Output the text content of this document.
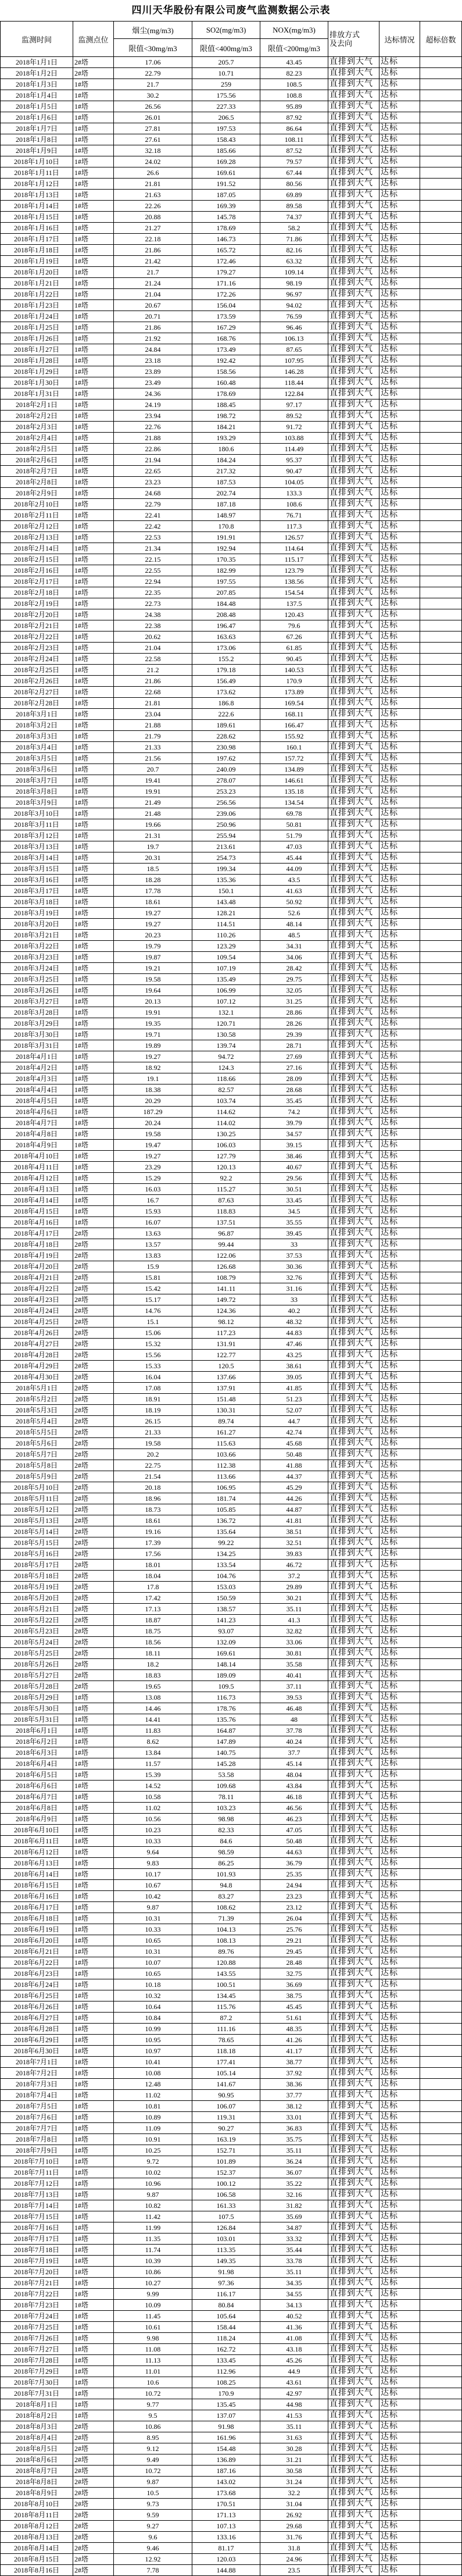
四川天华股份有限公司废气监测数据公示表
监测时间	监测点位	烟尘(mg/m3)	SO2(mg/m3)	NOX(mg/m3)	排放方式及去向	达标情况	超标倍数
		限值<30mg/m3	限值<400mg/m3	限值<200mg/m3			
2018年1月1日	2#塔	17.06	205.7	43.45	直排到大气	达标	
2018年1月2日	2#塔	22.79	10.71	82.23	直排到大气	达标	
2018年1月3日	1#塔	21.7	259	108.5	直排到大气	达标	
2018年1月4日	1#塔	30.2	175.56	108.8	直排到大气	达标	
2018年1月5日	1#塔	26.56	227.33	95.89	直排到大气	达标	
2018年1月6日	1#塔	26.01	206.5	87.92	直排到大气	达标	
2018年1月7日	1#塔	27.81	197.53	86.64	直排到大气	达标	
2018年1月8日	1#塔	27.61	158.43	108.11	直排到大气	达标	
2018年1月9日	1#塔	32.18	185.66	87.52	直排到大气	达标	
2018年1月10日	1#塔	24.02	169.28	79.57	直排到大气	达标	
2018年1月11日	1#塔	26.6	169.61	67.44	直排到大气	达标	
2018年1月12日	1#塔	21.81	191.52	80.56	直排到大气	达标	
2018年1月13日	1#塔	21.63	187.05	69.89	直排到大气	达标	
2018年1月14日	1#塔	22.26	169.39	89.58	直排到大气	达标	
2018年1月15日	1#塔	20.88	145.78	74.37	直排到大气	达标	
2018年1月16日	1#塔	21.27	178.69	58.2	直排到大气	达标	
2018年1月17日	1#塔	22.18	146.73	71.86	直排到大气	达标	
2018年1月18日	1#塔	21.86	165.72	82.16	直排到大气	达标	
2018年1月19日	1#塔	21.42	172.46	63.32	直排到大气	达标	
2018年1月20日	1#塔	21.7	179.27	109.14	直排到大气	达标	
2018年1月21日	1#塔	21.24	171.16	98.19	直排到大气	达标	
2018年1月22日	1#塔	21.04	172.26	96.97	直排到大气	达标	
2018年1月23日	1#塔	20.67	156.04	94.02	直排到大气	达标	
2018年1月24日	1#塔	20.71	173.59	76.59	直排到大气	达标	
2018年1月25日	1#塔	21.86	167.29	96.46	直排到大气	达标	
2018年1月26日	1#塔	21.92	168.76	106.13	直排到大气	达标	
2018年1月27日	1#塔	24.84	173.49	87.65	直排到大气	达标	
2018年1月28日	1#塔	23.18	192.42	107.95	直排到大气	达标	
2018年1月29日	1#塔	23.89	158.56	146.28	直排到大气	达标	
2018年1月30日	1#塔	23.49	160.48	118.44	直排到大气	达标	
2018年1月31日	1#塔	24.36	178.69	122.84	直排到大气	达标	
2018年2月1日	1#塔	24.19	188.45	97.17	直排到大气	达标	
2018年2月2日	1#塔	23.94	198.72	89.52	直排到大气	达标	
2018年2月3日	1#塔	22.76	184.21	91.72	直排到大气	达标	
2018年2月4日	1#塔	21.88	193.29	103.88	直排到大气	达标	
2018年2月5日	1#塔	22.86	180.6	114.49	直排到大气	达标	
2018年2月6日	1#塔	21.94	184.24	95.37	直排到大气	达标	
2018年2月7日	1#塔	22.65	217.32	90.47	直排到大气	达标	
2018年2月8日	1#塔	23.23	187.53	104.05	直排到大气	达标	
2018年2月9日	1#塔	24.68	202.74	133.3	直排到大气	达标	
2018年2月10日	1#塔	22.79	187.18	108.6	直排到大气	达标	
2018年2月11日	1#塔	22.41	148.97	76.71	直排到大气	达标	
2018年2月12日	1#塔	22.42	170.8	117.3	直排到大气	达标	
2018年2月13日	1#塔	22.53	191.91	126.57	直排到大气	达标	
2018年2月14日	1#塔	21.34	192.94	114.64	直排到大气	达标	
2018年2月15日	1#塔	22.15	170.35	115.17	直排到大气	达标	
2018年2月16日	1#塔	22.55	182.99	123.79	直排到大气	达标	
2018年2月17日	1#塔	22.94	197.55	138.56	直排到大气	达标	
2018年2月18日	1#塔	22.35	207.85	154.54	直排到大气	达标	
2018年2月19日	1#塔	22.73	184.48	137.5	直排到大气	达标	
2018年2月20日	1#塔	24.38	208.48	120.43	直排到大气	达标	
2018年2月21日	1#塔	22.38	196.47	79.6	直排到大气	达标	
2018年2月22日	1#塔	20.62	163.63	67.26	直排到大气	达标	
2018年2月23日	1#塔	21.04	173.06	61.85	直排到大气	达标	
2018年2月24日	1#塔	22.58	155.2	90.45	直排到大气	达标	
2018年2月25日	1#塔	21.2	179.18	140.53	直排到大气	达标	
2018年2月26日	1#塔	21.86	156.49	170.9	直排到大气	达标	
2018年2月27日	1#塔	22.68	173.62	173.89	直排到大气	达标	
2018年2月28日	1#塔	21.81	186.8	169.54	直排到大气	达标	
2018年3月1日	1#塔	23.04	222.6	168.11	直排到大气	达标	
2018年3月2日	1#塔	21.88	189.61	166.47	直排到大气	达标	
2018年3月3日	1#塔	21.79	228.62	155.92	直排到大气	达标	
2018年3月4日	1#塔	21.33	230.98	160.1	直排到大气	达标	
2018年3月5日	1#塔	21.56	197.62	157.72	直排到大气	达标	
2018年3月6日	1#塔	20.7	240.09	134.89	直排到大气	达标	
2018年3月7日	1#塔	19.41	278.07	146.61	直排到大气	达标	
2018年3月8日	1#塔	19.91	253.23	135.18	直排到大气	达标	
2018年3月9日	1#塔	21.49	256.56	134.54	直排到大气	达标	
2018年3月10日	1#塔	21.48	239.06	69.78	直排到大气	达标	
2018年3月11日	1#塔	19.66	250.96	50.81	直排到大气	达标	
2018年3月12日	1#塔	21.31	255.94	51.79	直排到大气	达标	
2018年3月13日	1#塔	19.7	213.61	47.03	直排到大气	达标	
2018年3月14日	1#塔	20.31	254.73	45.44	直排到大气	达标	
2018年3月15日	1#塔	18.5	199.34	44.09	直排到大气	达标	
2018年3月16日	1#塔	18.28	135.36	43.5	直排到大气	达标	
2018年3月17日	1#塔	17.78	150.1	41.63	直排到大气	达标	
2018年3月18日	1#塔	18.61	143.48	50.92	直排到大气	达标	
2018年3月19日	1#塔	19.27	128.21	52.6	直排到大气	达标	
2018年3月20日	1#塔	19.27	114.51	48.14	直排到大气	达标	
2018年3月21日	1#塔	20.23	110.26	48.5	直排到大气	达标	
2018年3月22日	1#塔	19.79	123.29	34.31	直排到大气	达标	
2018年3月23日	1#塔	19.87	109.54	34.06	直排到大气	达标	
2018年3月24日	1#塔	19.21	107.19	28.42	直排到大气	达标	
2018年3月25日	1#塔	19.58	135.49	29.75	直排到大气	达标	
2018年3月26日	1#塔	19.64	106.99	32.05	直排到大气	达标	
2018年3月27日	1#塔	20.13	107.12	31.25	直排到大气	达标	
2018年3月28日	1#塔	19.91	132.1	28.86	直排到大气	达标	
2018年3月29日	1#塔	19.35	120.71	28.26	直排到大气	达标	
2018年3月30日	1#塔	19.71	130.58	29.39	直排到大气	达标	
2018年3月31日	1#塔	19.89	139.74	28.71	直排到大气	达标	
2018年4月1日	1#塔	19.27	94.72	27.69	直排到大气	达标	
2018年4月2日	1#塔	18.92	124.3	27.16	直排到大气	达标	
2018年4月3日	1#塔	19.1	118.66	28.09	直排到大气	达标	
2018年4月4日	1#塔	18.38	82.57	28.68	直排到大气	达标	
2018年4月5日	1#塔	20.29	103.74	35.45	直排到大气	达标	
2018年4月6日	1#塔	187.29	114.62	74.2	直排到大气	达标	
2018年4月7日	1#塔	20.24	114.02	39.79	直排到大气	达标	
2018年4月8日	1#塔	19.58	130.25	34.57	直排到大气	达标	
2018年4月9日	1#塔	19.47	106.03	39.15	直排到大气	达标	
2018年4月10日	1#塔	19.27	127.79	38.46	直排到大气	达标	
2018年4月11日	1#塔	23.29	120.13	40.67	直排到大气	达标	
2018年4月12日	1#塔	15.29	92.2	29.56	直排到大气	达标	
2018年4月13日	1#塔	16.03	115.27	30.51	直排到大气	达标	
2018年4月14日	1#塔	16.7	87.63	33.45	直排到大气	达标	
2018年4月15日	1#塔	15.93	118.83	34.5	直排到大气	达标	
2018年4月16日	1#塔	16.07	137.51	35.55	直排到大气	达标	
2018年4月17日	2#塔	13.63	96.87	39.45	直排到大气	达标	
2018年4月18日	2#塔	13.57	99.44	33	直排到大气	达标	
2018年4月19日	2#塔	13.83	122.06	37.53	直排到大气	达标	
2018年4月20日	2#塔	15.9	126.68	30.36	直排到大气	达标	
2018年4月21日	2#塔	15.81	108.79	32.76	直排到大气	达标	
2018年4月22日	2#塔	15.42	141.11	31.16	直排到大气	达标	
2018年4月23日	2#塔	15.17	149.72	33	直排到大气	达标	
2018年4月24日	2#塔	14.76	124.36	40.2	直排到大气	达标	
2018年4月25日	2#塔	15.1	98.12	48.32	直排到大气	达标	
2018年4月26日	2#塔	15.06	117.23	44.83	直排到大气	达标	
2018年4月27日	2#塔	15.32	131.91	47.46	直排到大气	达标	
2018年4月28日	2#塔	15.56	122.77	43.25	直排到大气	达标	
2018年4月29日	2#塔	15.33	120.5	38.61	直排到大气	达标	
2018年4月30日	2#塔	16.04	137.66	39.05	直排到大气	达标	
2018年5月1日	2#塔	17.08	137.91	41.85	直排到大气	达标	
2018年5月2日	2#塔	18.91	151.48	51.23	直排到大气	达标	
2018年5月3日	2#塔	18.19	130.31	52.07	直排到大气	达标	
2018年5月4日	2#塔	26.15	89.74	44.7	直排到大气	达标	
2018年5月5日	2#塔	21.33	161.27	42.74	直排到大气	达标	
2018年5月6日	2#塔	19.58	115.63	45.68	直排到大气	达标	
2018年5月7日	2#塔	20.2	103.66	50.48	直排到大气	达标	
2018年5月8日	2#塔	22.75	112.38	41.88	直排到大气	达标	
2018年5月9日	2#塔	21.54	113.66	44.37	直排到大气	达标	
2018年5月10日	2#塔	20.18	106.95	45.29	直排到大气	达标	
2018年5月11日	2#塔	18.96	181.74	44.26	直排到大气	达标	
2018年5月12日	2#塔	18.73	105.85	44.87	直排到大气	达标	
2018年5月13日	2#塔	18.61	136.72	41.81	直排到大气	达标	
2018年5月14日	2#塔	19.16	135.64	38.51	直排到大气	达标	
2018年5月15日	2#塔	17.39	99.22	32.51	直排到大气	达标	
2018年5月16日	2#塔	17.56	134.25	39.83	直排到大气	达标	
2018年5月17日	2#塔	18.01	133.54	46.72	直排到大气	达标	
2018年5月18日	2#塔	18.04	104.76	37.2	直排到大气	达标	
2018年5月19日	2#塔	17.8	153.03	29.89	直排到大气	达标	
2018年5月20日	2#塔	17.42	150.59	30.21	直排到大气	达标	
2018年5月21日	2#塔	17.13	138.57	35.11	直排到大气	达标	
2018年5月22日	2#塔	18.87	141.23	41.3	直排到大气	达标	
2018年5月23日	2#塔	18.75	93.07	32.82	直排到大气	达标	
2018年5月24日	2#塔	18.56	132.09	33.06	直排到大气	达标	
2018年5月25日	2#塔	18.11	169.61	30.81	直排到大气	达标	
2018年5月26日	2#塔	18.2	148.14	35.58	直排到大气	达标	
2018年5月27日	2#塔	18.83	189.09	40.41	直排到大气	达标	
2018年5月28日	2#塔	19.65	109.5	37.11	直排到大气	达标	
2018年5月29日	1#塔	13.08	116.73	39.53	直排到大气	达标	
2018年5月30日	1#塔	14.46	178.76	46.48	直排到大气	达标	
2018年5月31日	1#塔	14.41	135.76	48	直排到大气	达标	
2018年6月1日	1#塔	11.83	164.87	37.78	直排到大气	达标	
2018年6月2日	1#塔	8.62	147.89	40.24	直排到大气	达标	
2018年6月3日	1#塔	13.84	140.75	37.7	直排到大气	达标	
2018年6月4日	1#塔	11.57	145.28	45.14	直排到大气	达标	
2018年6月5日	1#塔	15.39	53.58	48.04	直排到大气	达标	
2018年6月6日	1#塔	14.52	109.68	43.84	直排到大气	达标	
2018年6月7日	1#塔	10.58	78.11	46.18	直排到大气	达标	
2018年6月8日	1#塔	11.02	103.23	46.56	直排到大气	达标	
2018年6月9日	1#塔	10.56	98.98	46.23	直排到大气	达标	
2018年6月10日	1#塔	10.23	82.33	47.05	直排到大气	达标	
2018年6月11日	1#塔	10.33	84.6	50.48	直排到大气	达标	
2018年6月12日	1#塔	9.64	98.59	44.63	直排到大气	达标	
2018年6月13日	1#塔	9.83	86.25	36.79	直排到大气	达标	
2018年6月14日	1#塔	10.17	101.93	25.35	直排到大气	达标	
2018年6月15日	1#塔	10.67	94.8	24.94	直排到大气	达标	
2018年6月16日	1#塔	10.42	83.27	23.23	直排到大气	达标	
2018年6月17日	1#塔	9.87	108.62	23.12	直排到大气	达标	
2018年6月18日	1#塔	10.31	71.39	26.04	直排到大气	达标	
2018年6月19日	1#塔	10.33	104.13	25.76	直排到大气	达标	
2018年6月20日	1#塔	10.65	108.13	29.21	直排到大气	达标	
2018年6月21日	1#塔	10.31	89.76	29.45	直排到大气	达标	
2018年6月22日	1#塔	10.07	120.88	28.48	直排到大气	达标	
2018年6月23日	1#塔	10.65	143.55	32.75	直排到大气	达标	
2018年6月24日	1#塔	10.18	100.51	36.69	直排到大气	达标	
2018年6月25日	1#塔	10.32	134.45	38.75	直排到大气	达标	
2018年6月26日	1#塔	10.64	115.76	45.45	直排到大气	达标	
2018年6月27日	1#塔	10.84	87.2	51.61	直排到大气	达标	
2018年6月28日	1#塔	10.99	111.16	48.35	直排到大气	达标	
2018年6月29日	1#塔	10.95	78.65	41.26	直排到大气	达标	
2018年6月30日	1#塔	10.97	118.18	41.17	直排到大气	达标	
2018年7月1日	1#塔	10.41	177.41	38.77	直排到大气	达标	
2018年7月2日	1#塔	10.08	105.14	37.92	直排到大气	达标	
2018年7月3日	1#塔	12.48	141.67	38.36	直排到大气	达标	
2018年7月4日	1#塔	11.02	90.95	37.77	直排到大气	达标	
2018年7月5日	1#塔	10.81	106.07	38.12	直排到大气	达标	
2018年7月6日	1#塔	10.89	119.31	33.01	直排到大气	达标	
2018年7月7日	1#塔	11.09	90.27	36.83	直排到大气	达标	
2018年7月8日	1#塔	10.91	163.19	35.75	直排到大气	达标	
2018年7月9日	1#塔	10.25	152.71	35.11	直排到大气	达标	
2018年7月10日	1#塔	9.72	101.89	36.24	直排到大气	达标	
2018年7月11日	1#塔	10.02	152.37	36.07	直排到大气	达标	
2018年7月12日	1#塔	10.96	100.12	35.22	直排到大气	达标	
2018年7月13日	1#塔	9.87	106.58	32.16	直排到大气	达标	
2018年7月14日	1#塔	10.82	161.33	31.82	直排到大气	达标	
2018年7月15日	1#塔	11.42	107.5	35.69	直排到大气	达标	
2018年7月16日	1#塔	11.99	126.84	34.87	直排到大气	达标	
2018年7月17日	1#塔	11.35	103.01	33.32	直排到大气	达标	
2018年7月18日	1#塔	11.74	113.35	35.44	直排到大气	达标	
2018年7月19日	1#塔	10.39	149.35	33.78	直排到大气	达标	
2018年7月20日	1#塔	10.86	91.98	35.11	直排到大气	达标	
2018年7月21日	1#塔	10.27	97.36	34.35	直排到大气	达标	
2018年7月22日	1#塔	9.99	116.17	34.55	直排到大气	达标	
2018年7月23日	1#塔	10.09	80.84	34.13	直排到大气	达标	
2018年7月24日	1#塔	11.45	105.64	40.52	直排到大气	达标	
2018年7月25日	1#塔	10.61	158.44	41.36	直排到大气	达标	
2018年7月26日	1#塔	9.98	118.24	41.08	直排到大气	达标	
2018年7月27日	1#塔	11.08	162.72	43.18	直排到大气	达标	
2018年7月28日	1#塔	11.13	133.45	45.26	直排到大气	达标	
2018年7月29日	1#塔	11.01	112.96	44.9	直排到大气	达标	
2018年7月30日	1#塔	10.6	108.25	43.61	直排到大气	达标	
2018年7月31日	1#塔	10.72	170.9	42.97	直排到大气	达标	
2018年8月1日	1#塔	9.77	135.45	44.98	直排到大气	达标	
2018年8月2日	1#塔	9.5	137.07	41.53	直排到大气	达标	
2018年8月3日	2#塔	10.86	91.98	35.11	直排到大气	达标	
2018年8月4日	2#塔	8.95	161.96	31.63	直排到大气	达标	
2018年8月5日	2#塔	9.12	154.48	30.28	直排到大气	达标	
2018年8月6日	2#塔	9.49	136.89	31.21	直排到大气	达标	
2018年8月7日	2#塔	10.72	187.16	30.58	直排到大气	达标	
2018年8月8日	2#塔	9.87	143.02	31.24	直排到大气	达标	
2018年8月9日	2#塔	10.5	173.68	32.2	直排到大气	达标	
2018年8月10日	2#塔	9.73	170.51	31.04	直排到大气	达标	
2018年8月11日	2#塔	9.59	171.13	26.92	直排到大气	达标	
2018年8月12日	2#塔	9.27	107.13	29.68	直排到大气	达标	
2018年8月13日	2#塔	9.6	133.16	31.76	直排到大气	达标	
2018年8月14日	2#塔	9.46	81.17	31.8	直排到大气	达标	
2018年8月15日	2#塔	12.92	120.03	24.96	直排到大气	达标	
2018年8月16日	2#塔	7.78	144.88	23.5	直排到大气	达标	
